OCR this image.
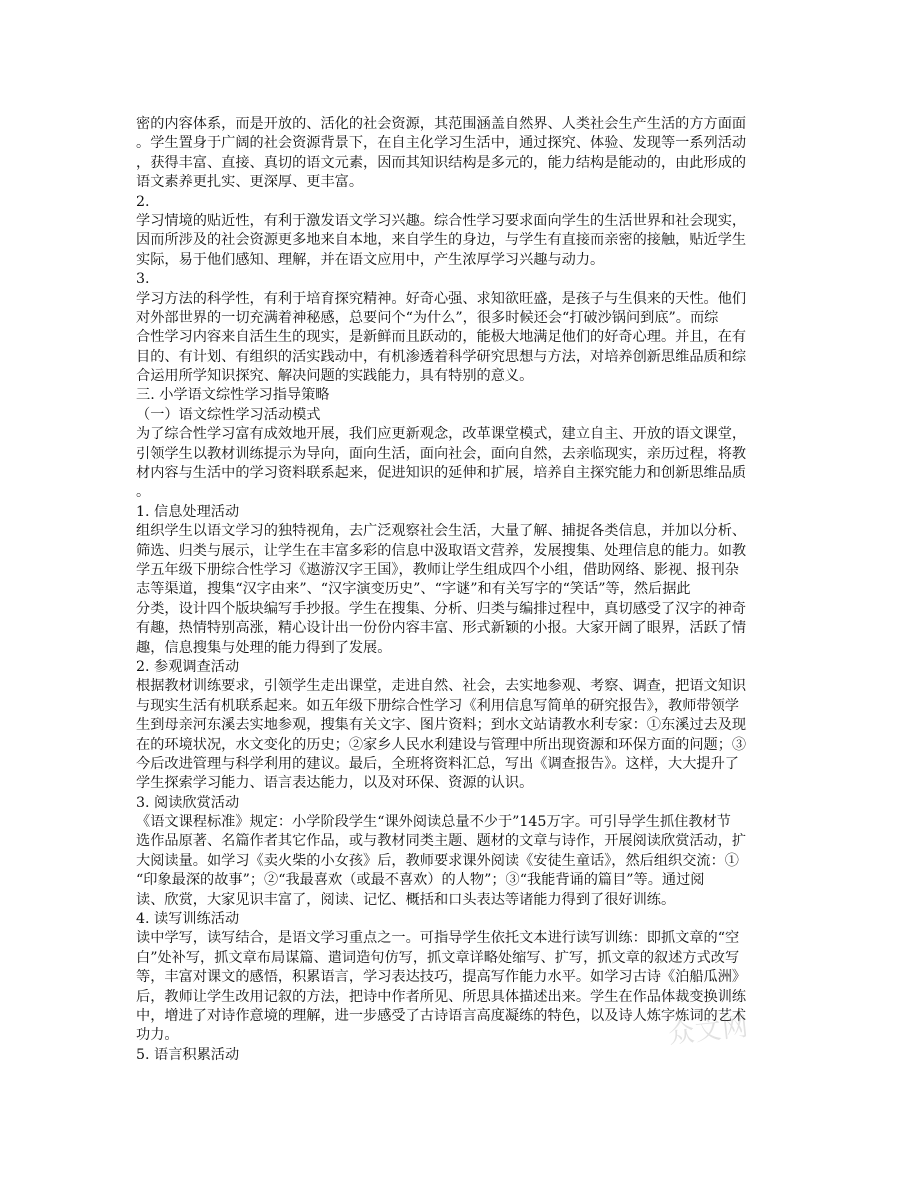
密的内容体系，而是开放的、活化的社会资源，其范围涵盖自然界、人类社会生产生活的方方面面
。学生置身于广阔的社会资源背景下，在自主化学习生活中，通过探究、体验、发现等一系列活动
，获得丰富、直接、真切的语文元素，因而其知识结构是多元的，能力结构是能动的，由此形成的
语文素养更扎实、更深厚、更丰富。
2.
学习情境的贴近性，有利于激发语文学习兴趣。综合性学习要求面向学生的生活世界和社会现实，
因而所涉及的社会资源更多地来自本地，来自学生的身边，与学生有直接而亲密的接触，贴近学生
实际，易于他们感知、理解，并在语文应用中，产生浓厚学习兴趣与动力。
3.
学习方法的科学性，有利于培育探究精神。好奇心强、求知欲旺盛，是孩子与生俱来的天性。他们
对外部世界的一切充满着神秘感，总要问个“为什么”，很多时候还会“打破沙锅问到底”。而综
合性学习内容来自活生生的现实，是新鲜而且跃动的，能极大地满足他们的好奇心理。并且，在有
目的、有计划、有组织的活实践动中，有机渗透着科学研究思想与方法，对培养创新思维品质和综
合运用所学知识探究、解决问题的实践能力，具有特别的意义。
三. 小学语文综性学习指导策略
（一）语文综性学习活动模式
为了综合性学习富有成效地开展，我们应更新观念，改革课堂模式，建立自主、开放的语文课堂，
引领学生以教材训练提示为导向，面向生活，面向社会，面向自然，去亲临现实，亲历过程，将教
材内容与生活中的学习资料联系起来，促进知识的延伸和扩展，培养自主探究能力和创新思维品质
。
1. 信息处理活动
组织学生以语文学习的独特视角，去广泛观察社会生活，大量了解、捕捉各类信息，并加以分析、
筛选、归类与展示，让学生在丰富多彩的信息中汲取语文营养，发展搜集、处理信息的能力。如教
学五年级下册综合性学习《遨游汉字王国》，教师让学生组成四个小组，借助网络、影视、报刊杂
志等渠道，搜集“汉字由来”、“汉字演变历史”、“字谜”和有关写字的“笑话”等，然后据此
分类，设计四个版块编写手抄报。学生在搜集、分析、归类与编排过程中，真切感受了汉字的神奇
有趣，热情特别高涨，精心设计出一份份内容丰富、形式新颖的小报。大家开阔了眼界，活跃了情
趣，信息搜集与处理的能力得到了发展。
2. 参观调查活动
根据教材训练要求，引领学生走出课堂，走进自然、社会，去实地参观、考察、调查，把语文知识
与现实生活有机联系起来。如五年级下册综合性学习《利用信息写简单的研究报告》，教师带领学
生到母亲河东溪去实地参观，搜集有关文字、图片资料；到水文站请教水利专家：①东溪过去及现
在的环境状况，水文变化的历史；②家乡人民水利建设与管理中所出现资源和环保方面的问题；③
今后改进管理与科学利用的建议。最后，全班将资料汇总，写出《调查报告》。这样，大大提升了
学生探索学习能力、语言表达能力，以及对环保、资源的认识。
3. 阅读欣赏活动
《语文课程标准》规定：小学阶段学生“课外阅读总量不少于”145万字。可引导学生抓住教材节
选作品原著、名篇作者其它作品，或与教材同类主题、题材的文章与诗作，开展阅读欣赏活动，扩
大阅读量。如学习《卖火柴的小女孩》后，教师要求课外阅读《安徒生童话》，然后组织交流：①
“印象最深的故事”；②“我最喜欢（或最不喜欢）的人物”；③“我能背诵的篇目”等。通过阅
读、欣赏，大家见识丰富了，阅读、记忆、概括和口头表达等诸能力得到了很好训练。
4. 读写训练活动
读中学写，读写结合，是语文学习重点之一。可指导学生依托文本进行读写训练：即抓文章的“空
白”处补写，抓文章布局谋篇、遣词造句仿写，抓文章详略处缩写、扩写，抓文章的叙述方式改写
等，丰富对课文的感悟，积累语言，学习表达技巧，提高写作能力水平。如学习古诗《泊船瓜洲》
后，教师让学生改用记叙的方法，把诗中作者所见、所思具体描述出来。学生在作品体裁变换训练
中，增进了对诗作意境的理解，进一步感受了古诗语言高度凝练的特色，以及诗人炼字炼词的艺术
功力。
5. 语言积累活动
众文网
